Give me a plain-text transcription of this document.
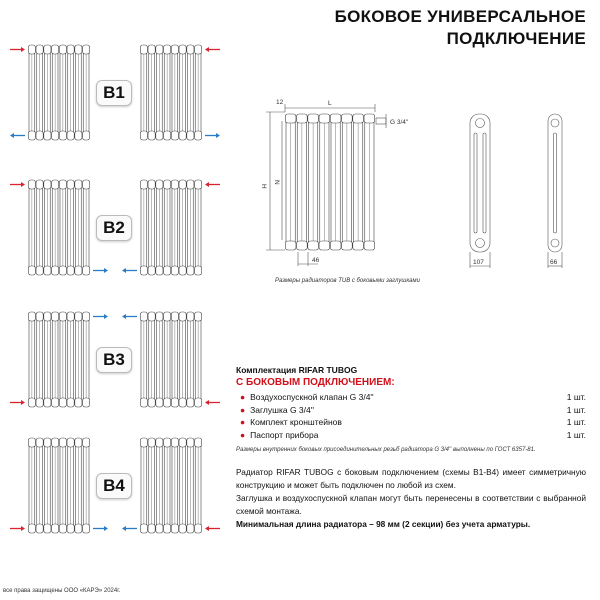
БОКОВОЕ УНИВЕРСАЛЬНОЕ
ПОДКЛЮЧЕНИЕ
B1
B2
B3
B4
12	L
H
N
46
G 3/4''
107	66
Размеры радиаторов TUB с боковыми заглушками
Комплектация RIFAR TUBOG
С БОКОВЫМ ПОДКЛЮЧЕНИЕМ:
● Воздухоспускной клапан G 3/4''	1 шт.
● Заглушка G 3/4''	1 шт.
● Комплект кронштейнов	1 шт.
● Паспорт прибора	1 шт.
Размеры внутренних боковых присоединительных резьб радиатора G 3/4'' выполнены по ГОСТ 6357-81.
Радиатор RIFAR TUBOG с боковым подключением (схемы B1-B4) имеет симметричную конструкцию и может быть подключен по любой из схем.
Заглушка и воздухоспускной клапан могут быть перенесены в соответствии с выбранной схемой монтажа.
Минимальная длина радиатора – 98 мм (2 секции) без учета арматуры.
все права защищены ООО «КАРЭ» 2024г.
